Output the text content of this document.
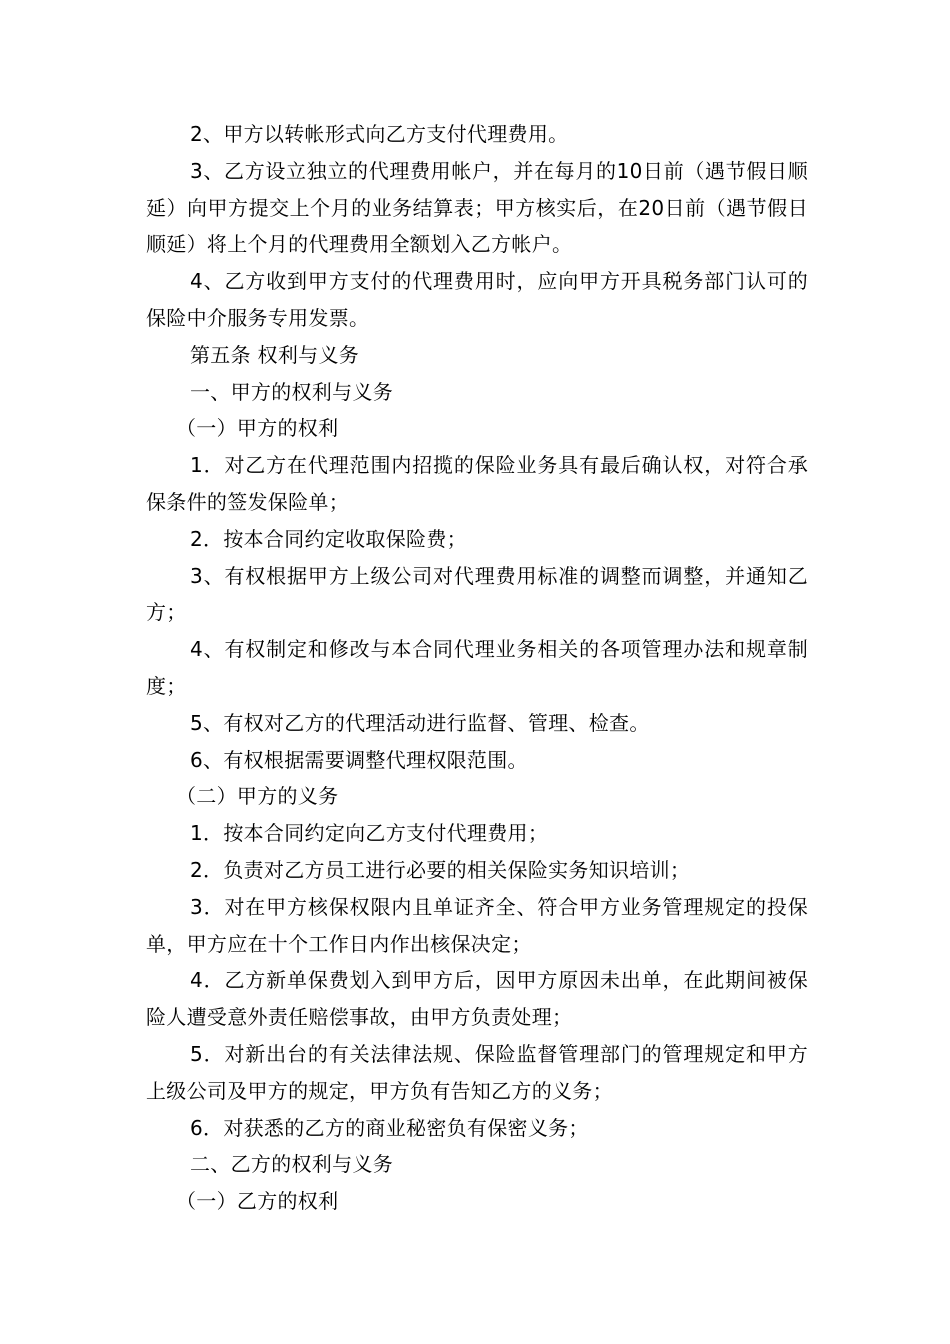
2、甲方以转帐形式向乙方支付代理费用。

3、乙方设立独立的代理费用帐户，并在每月的10日前（遇节假日顺延）向甲方提交上个月的业务结算表；甲方核实后，在20日前（遇节假日顺延）将上个月的代理费用全额划入乙方帐户。

4、乙方收到甲方支付的代理费用时，应向甲方开具税务部门认可的保险中介服务专用发票。

第五条 权利与义务

一、甲方的权利与义务

（一）甲方的权利

1．对乙方在代理范围内招揽的保险业务具有最后确认权，对符合承保条件的签发保险单；

2．按本合同约定收取保险费；

3、有权根据甲方上级公司对代理费用标准的调整而调整，并通知乙方；

4、有权制定和修改与本合同代理业务相关的各项管理办法和规章制度；

5、有权对乙方的代理活动进行监督、管理、检查。

6、有权根据需要调整代理权限范围。

（二）甲方的义务

1．按本合同约定向乙方支付代理费用；

2．负责对乙方员工进行必要的相关保险实务知识培训；

3．对在甲方核保权限内且单证齐全、符合甲方业务管理规定的投保单，甲方应在十个工作日内作出核保决定；

4．乙方新单保费划入到甲方后，因甲方原因未出单，在此期间被保险人遭受意外责任赔偿事故，由甲方负责处理；

5．对新出台的有关法律法规、保险监督管理部门的管理规定和甲方上级公司及甲方的规定，甲方负有告知乙方的义务；

6．对获悉的乙方的商业秘密负有保密义务；

二、乙方的权利与义务

（一）乙方的权利
